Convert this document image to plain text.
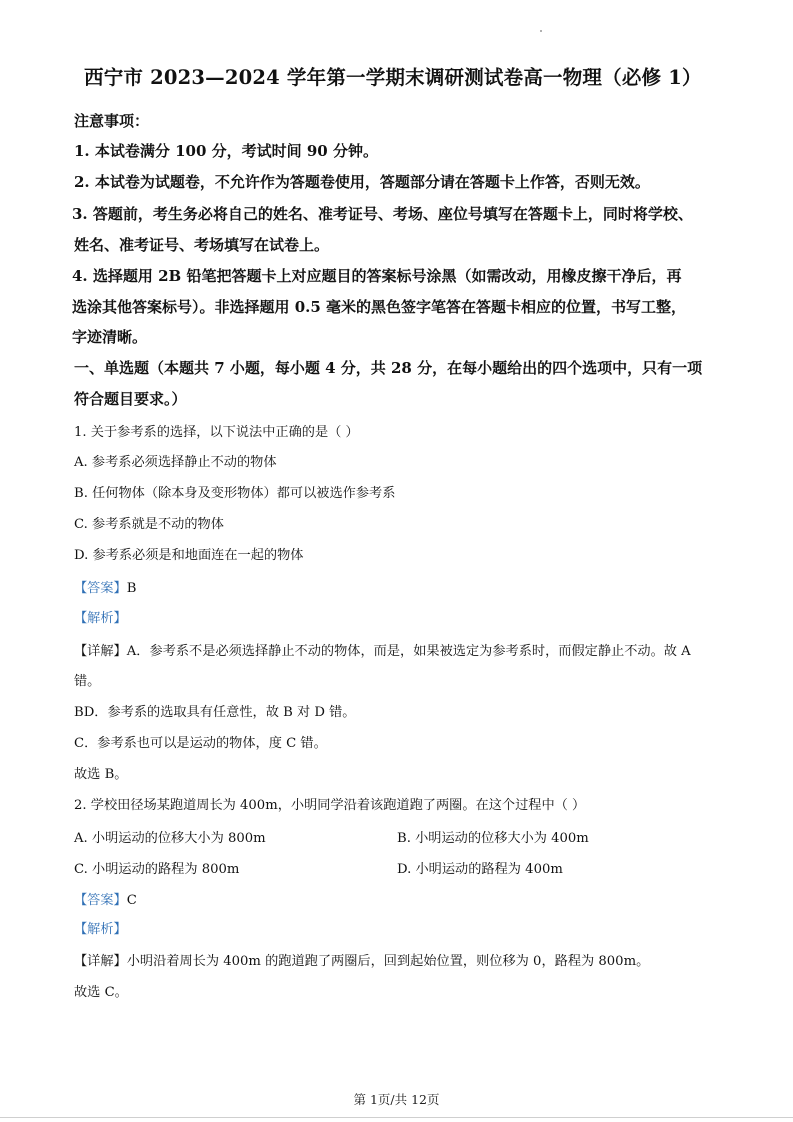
西宁市 2023—2024 学年第一学期末调研测试卷高一物理（必修 1）
注意事项：
1. 本试卷满分 100 分，考试时间 90 分钟。
2. 本试卷为试题卷，不允许作为答题卷使用，答题部分请在答题卡上作答，否则无效。
3. 答题前，考生务必将自己的姓名、准考证号、考场、座位号填写在答题卡上，同时将学校、
姓名、准考证号、考场填写在试卷上。
4. 选择题用 2B 铅笔把答题卡上对应题目的答案标号涂黑（如需改动，用橡皮擦干净后，再
选涂其他答案标号）。非选择题用 0.5 毫米的黑色签字笔答在答题卡相应的位置，书写工整，
字迹清晰。
一、单选题（本题共 7 小题，每小题 4 分，共 28 分，在每小题给出的四个选项中，只有一项
符合题目要求。）
1. 关于参考系的选择，以下说法中正确的是（ ）
A. 参考系必须选择静止不动的物体
B. 任何物体（除本身及变形物体）都可以被选作参考系
C. 参考系就是不动的物体
D. 参考系必须是和地面连在一起的物体
【答案】B
【解析】
【详解】A．参考系不是必须选择静止不动的物体，而是，如果被选定为参考系时，而假定静止不动。故 A
错。
BD．参考系的选取具有任意性，故 B 对 D 错。
C．参考系也可以是运动的物体，度 C 错。
故选 B。
2. 学校田径场某跑道周长为 400m，小明同学沿着该跑道跑了两圈。在这个过程中（ ）
A. 小明运动的位移大小为 800m	B. 小明运动的位移大小为 400m
C. 小明运动的路程为 800m	D. 小明运动的路程为 400m
【答案】C
【解析】
【详解】小明沿着周长为 400m 的跑道跑了两圈后，回到起始位置，则位移为 0，路程为 800m。
故选 C。
第 1页/共 12页
